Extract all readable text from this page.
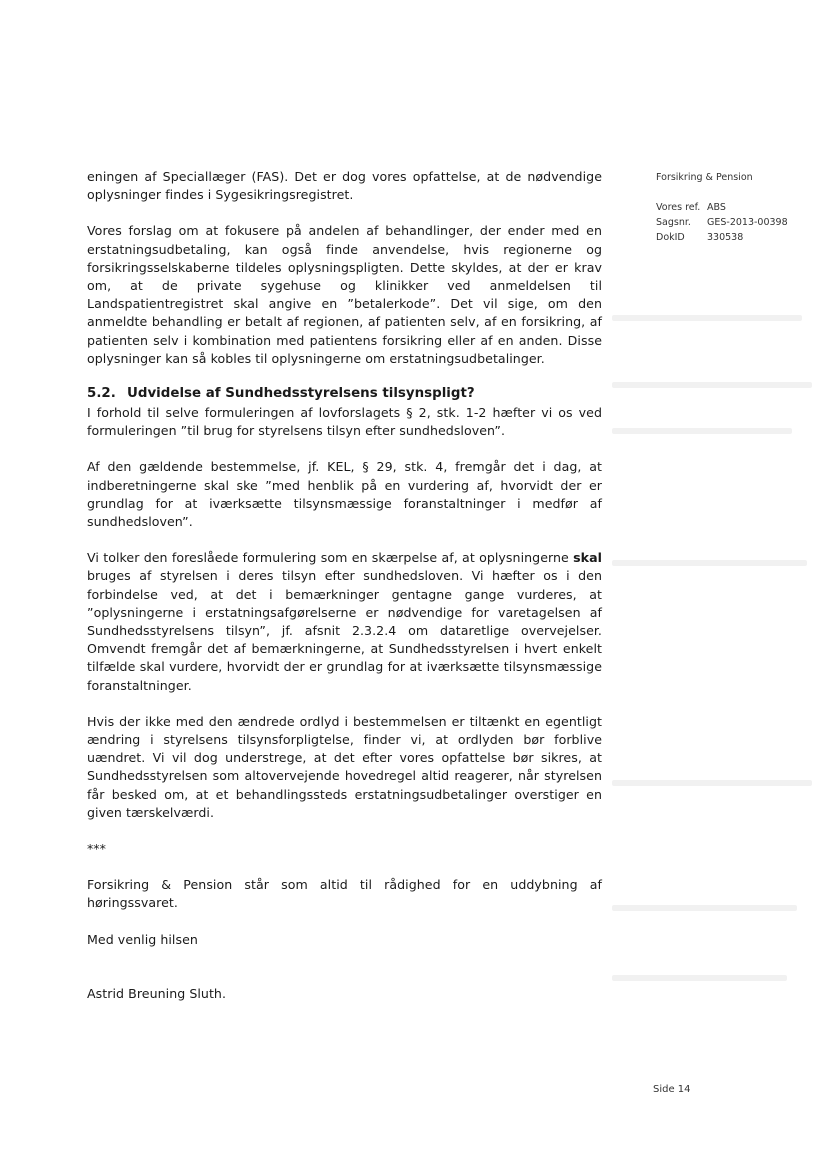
eningen af Speciallæger (FAS). Det er dog vores opfattelse, at de nødvendige oplysninger findes i Sygesikringsregistret.

Vores forslag om at fokusere på andelen af behandlinger, der ender med en erstatningsudbetaling, kan også finde anvendelse, hvis regionerne og forsikringsselskaberne tildeles oplysningspligten. Dette skyldes, at der er krav om, at de private sygehuse og klinikker ved anmeldelsen til Landspatientregistret skal angive en ”betalerkode”. Det vil sige, om den anmeldte behandling er betalt af regionen, af patienten selv, af en forsikring, af patienten selv i kombination med patientens forsikring eller af en anden. Disse oplysninger kan så kobles til oplysningerne om erstatningsudbetalinger.

5.2. Udvidelse af Sundhedsstyrelsens tilsynspligt?

I forhold til selve formuleringen af lovforslagets § 2, stk. 1-2 hæfter vi os ved formuleringen ”til brug for styrelsens tilsyn efter sundhedsloven”.

Af den gældende bestemmelse, jf. KEL, § 29, stk. 4, fremgår det i dag, at indberetningerne skal ske ”med henblik på en vurdering af, hvorvidt der er grundlag for at iværksætte tilsynsmæssige foranstaltninger i medfør af sundhedsloven”.

Vi tolker den foreslåede formulering som en skærpelse af, at oplysningerne skal bruges af styrelsen i deres tilsyn efter sundhedsloven. Vi hæfter os i den forbindelse ved, at det i bemærkninger gentagne gange vurderes, at ”oplysningerne i erstatningsafgørelserne er nødvendige for varetagelsen af Sundhedsstyrelsens tilsyn”, jf. afsnit 2.3.2.4 om dataretlige overvejelser. Omvendt fremgår det af bemærkningerne, at Sundhedsstyrelsen i hvert enkelt tilfælde skal vurdere, hvorvidt der er grundlag for at iværksætte tilsynsmæssige foranstaltninger.

Hvis der ikke med den ændrede ordlyd i bestemmelsen er tiltænkt en egentligt ændring i styrelsens tilsynsforpligtelse, finder vi, at ordlyden bør forblive uændret. Vi vil dog understrege, at det efter vores opfattelse bør sikres, at Sundhedsstyrelsen som altovervejende hovedregel altid reagerer, når styrelsen får besked om, at et behandlingssteds erstatningsudbetalinger overstiger en given tærskelværdi.

***

Forsikring & Pension står som altid til rådighed for en uddybning af høringssvaret.

Med venlig hilsen

Astrid Breuning Sluth.

Forsikring & Pension

Vores ref. ABS
Sagsnr.	GES-2013-00398
DokID	330538
Side 14
